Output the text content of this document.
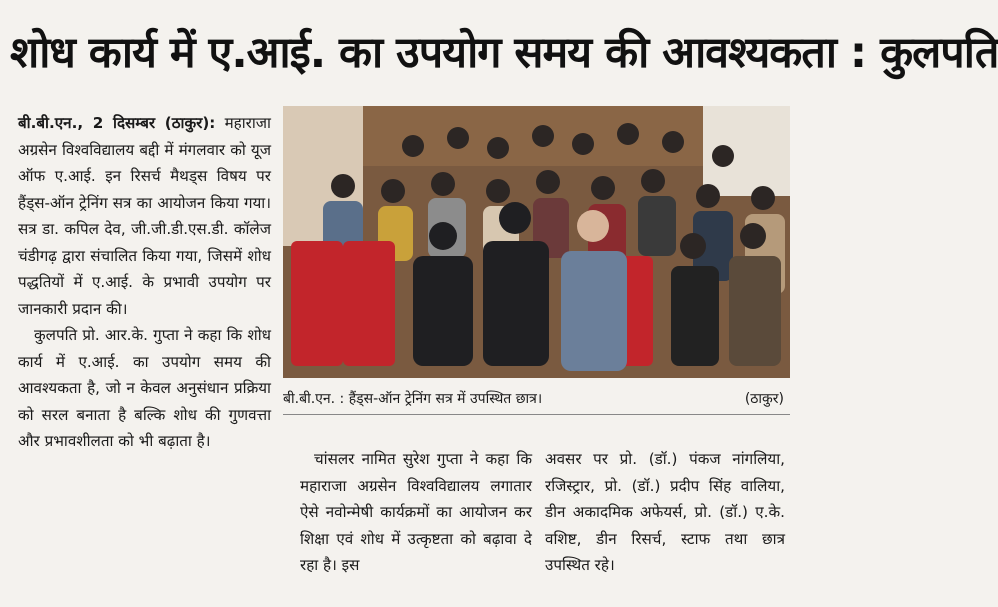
शोध कार्य में ए.आई. का उपयोग समय की आवश्यकता : कुलपति

बी.बी.एन., 2 दिसम्बर (ठाकुर): महाराजा अग्रसेन विश्वविद्यालय बद्दी में मंगलवार को यूज ऑफ ए.आई. इन रिसर्च मैथड्स विषय पर हैंड्स-ऑन ट्रेनिंग सत्र का आयोजन किया गया। सत्र डा. कपिल देव, जी.जी.डी.एस.डी. कॉलेज चंडीगढ़ द्वारा संचालित किया गया, जिसमें शोध पद्धतियों में ए.आई. के प्रभावी उपयोग पर जानकारी प्रदान की।

कुलपति प्रो. आर.के. गुप्ता ने कहा कि शोध कार्य में ए.आई. का उपयोग समय की आवश्यकता है, जो न केवल अनुसंधान प्रक्रिया को सरल बनाता है बल्कि शोध की गुणवत्ता और प्रभावशीलता को भी बढ़ाता है।

बी.बी.एन. : हैंड्स-ऑन ट्रेनिंग सत्र में उपस्थित छात्र।	(ठाकुर)

चांसलर नामित सुरेश गुप्ता ने कहा कि महाराजा अग्रसेन विश्वविद्यालय लगातार ऐसे नवोन्मेषी कार्यक्रमों का आयोजन कर शिक्षा एवं शोध में उत्कृष्टता को बढ़ावा दे रहा है। इस

अवसर पर प्रो. (डॉ.) पंकज नांगलिया, रजिस्ट्रार, प्रो. (डॉ.) प्रदीप सिंह वालिया, डीन अकादमिक अफेयर्स, प्रो. (डॉ.) ए.के. वशिष्ट, डीन रिसर्च, स्टाफ तथा छात्र उपस्थित रहे।
